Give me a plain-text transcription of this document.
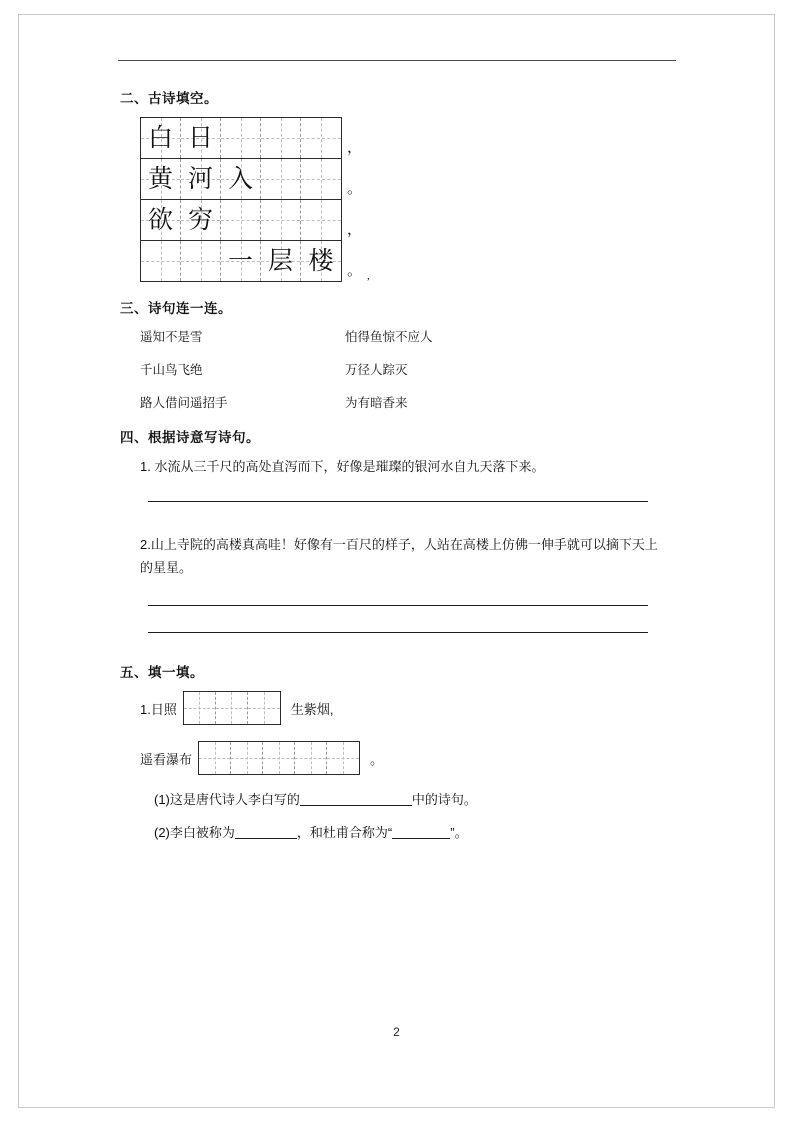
二、古诗填空。
白 日	，
黄 河 入	。
欲 穷	，
一 层 楼 。 ,
三、诗句连一连。
遥知不是雪	怕得鱼惊不应人
千山鸟飞绝	万径人踪灭
路人借问遥招手	为有暗香来
四、根据诗意写诗句。
1. 水流从三千尺的高处直泻而下，好像是璀璨的银河水自九天落下来。
2.山上寺院的高楼真高哇！好像有一百尺的样子，人站在高楼上仿佛一伸手就可以摘下天上的星星。
五、填一填。
1.日照	生紫烟,
遥看瀑布	。
(1)这是唐代诗人李白写的	中的诗句。
(2)李白被称为	，和杜甫合称为“	”。
2
